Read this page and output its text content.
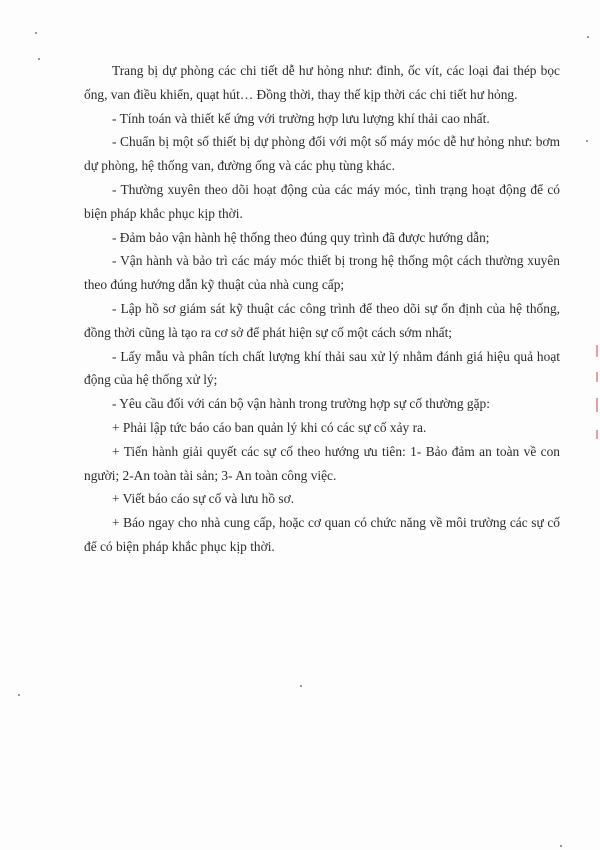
Trang bị dự phòng các chi tiết dễ hư hỏng như: đinh, ốc vít, các loại đai thép bọc ống, van điều khiển, quạt hút… Đồng thời, thay thế kịp thời các chi tiết hư hỏng.

- Tính toán và thiết kế ứng với trường hợp lưu lượng khí thải cao nhất.

- Chuẩn bị một số thiết bị dự phòng đối với một số máy móc dễ hư hỏng như: bơm dự phòng, hệ thống van, đường ống và các phụ tùng khác.

- Thường xuyên theo dõi hoạt động của các máy móc, tình trạng hoạt động để có biện pháp khắc phục kịp thời.

- Đảm bảo vận hành hệ thống theo đúng quy trình đã được hướng dẫn;

- Vận hành và bảo trì các máy móc thiết bị trong hệ thống một cách thường xuyên theo đúng hướng dẫn kỹ thuật của nhà cung cấp;

- Lập hồ sơ giám sát kỹ thuật các công trình để theo dõi sự ổn định của hệ thống, đồng thời cũng là tạo ra cơ sở để phát hiện sự cố một cách sớm nhất;

- Lấy mẫu và phân tích chất lượng khí thải sau xử lý nhằm đánh giá hiệu quả hoạt động của hệ thống xử lý;

- Yêu cầu đối với cán bộ vận hành trong trường hợp sự cố thường gặp:

+ Phải lập tức báo cáo ban quản lý khi có các sự cố xảy ra.

+ Tiến hành giải quyết các sự cố theo hướng ưu tiên: 1- Bảo đảm an toàn về con người; 2-An toàn tài sản; 3- An toàn công việc.

+ Viết báo cáo sự cố và lưu hồ sơ.

+ Báo ngay cho nhà cung cấp, hoặc cơ quan có chức năng về môi trường các sự cố để có biện pháp khắc phục kịp thời.
